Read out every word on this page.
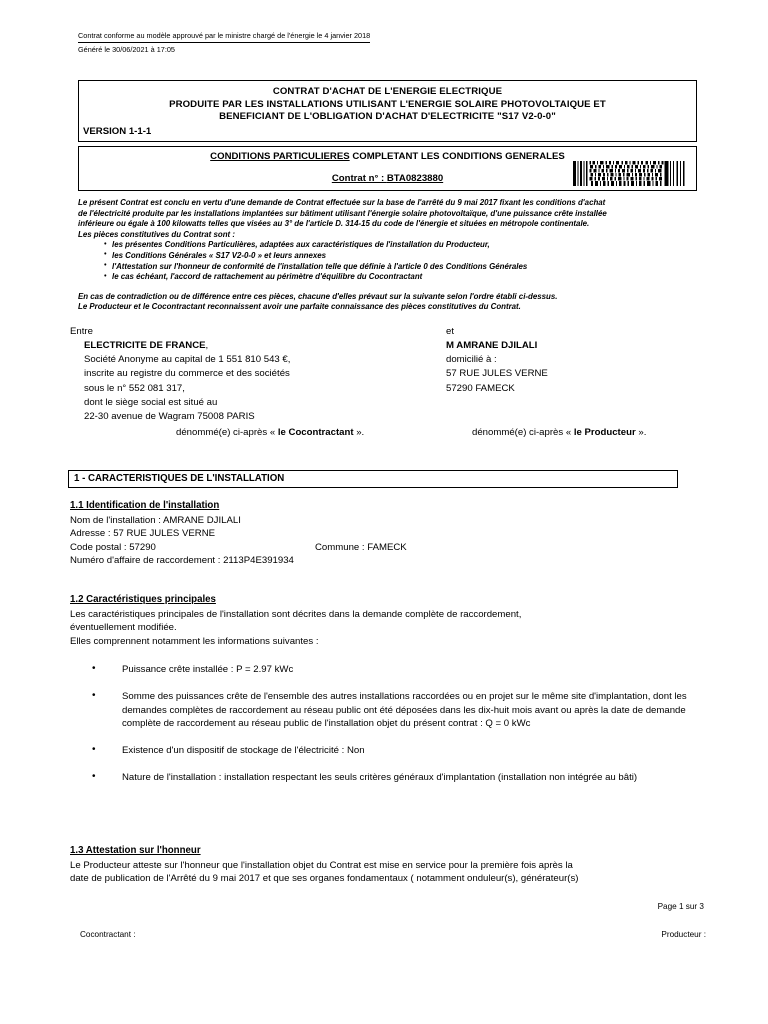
Contrat conforme au modèle approuvé par le ministre chargé de l'énergie le 4 janvier 2018
Généré le 30/06/2021 à 17:05
CONTRAT D'ACHAT DE L'ENERGIE ELECTRIQUE
PRODUITE PAR LES INSTALLATIONS UTILISANT L'ENERGIE SOLAIRE PHOTOVOLTAIQUE ET
BENEFICIANT DE L'OBLIGATION D'ACHAT D'ELECTRICITE "S17 V2-0-0"
VERSION 1-1-1
CONDITIONS PARTICULIERES COMPLETANT LES CONDITIONS GENERALES
Contrat n° : BTA0823880
Le présent Contrat est conclu en vertu d'une demande de Contrat effectuée sur la base de l'arrêté du 9 mai 2017 fixant les conditions d'achat
de l'électricité produite par les installations implantées sur bâtiment utilisant l'énergie solaire photovoltaïque, d'une puissance crête installée
inférieure ou égale à 100 kilowatts telles que visées au 3° de l'article D. 314-15 du code de l'énergie et situées en métropole continentale.
Les pièces constitutives du Contrat sont :
• les présentes Conditions Particulières, adaptées aux caractéristiques de l'installation du Producteur,
• les Conditions Générales « S17 V2-0-0 » et leurs annexes
• l'Attestation sur l'honneur de conformité de l'installation telle que définie à l'article 0 des Conditions Générales
• le cas échéant, l'accord de rattachement au périmètre d'équilibre du Cocontractant
En cas de contradiction ou de différence entre ces pièces, chacune d'elles prévaut sur la suivante selon l'ordre établi ci-dessus.
Le Producteur et le Cocontractant reconnaissent avoir une parfaite connaissance des pièces constitutives du Contrat.
Entre	et
ELECTRICITE DE FRANCE,
Société Anonyme au capital de 1 551 810 543 €,
inscrite au registre du commerce et des sociétés
sous le n° 552 081 317,
dont le siège social est situé au
22-30 avenue de Wagram 75008 PARIS
M AMRANE DJILALI
domicilié à :
57 RUE JULES VERNE
57290 FAMECK
dénommé(e) ci-après « le Cocontractant ».	dénommé(e) ci-après « le Producteur ».
1 - CARACTERISTIQUES DE L'INSTALLATION
1.1 Identification de l'installation
Nom de l'installation : AMRANE DJILALI
Adresse : 57 RUE JULES VERNE
Code postal : 57290	Commune : FAMECK
Numéro d'affaire de raccordement : 2113P4E391934
1.2 Caractéristiques principales
Les caractéristiques principales de l'installation sont décrites dans la demande complète de raccordement,
éventuellement modifiée.
Elles comprennent notamment les informations suivantes :
• Puissance crête installée : P = 2.97 kWc
• Somme des puissances crête de l'ensemble des autres installations raccordées ou en projet sur le même site d'implantation, dont les demandes complètes de raccordement au réseau public ont été déposées dans les dix-huit mois avant ou après la date de demande complète de raccordement au réseau public de l'installation objet du présent contrat : Q = 0 kWc
• Existence d'un dispositif de stockage de l'électricité : Non
• Nature de l'installation : installation respectant les seuls critères généraux d'implantation (installation non intégrée au bâti)
1.3 Attestation sur l'honneur
Le Producteur atteste sur l'honneur que l'installation objet du Contrat est mise en service pour la première fois après la
date de publication de l'Arrêté du 9 mai 2017 et que ses organes fondamentaux ( notamment onduleur(s), générateur(s)
Page 1 sur 3
Cocontractant :	Producteur :
